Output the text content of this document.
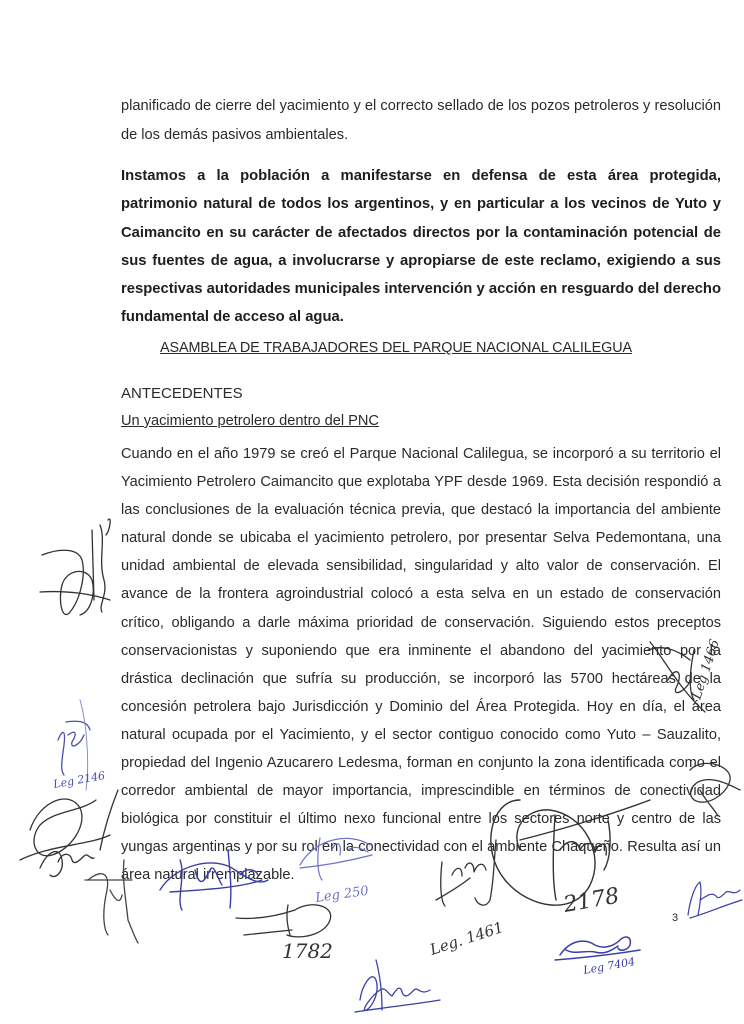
planificado de cierre del yacimiento y el correcto sellado de los pozos petroleros y resolución de los demás pasivos ambientales.

Instamos a la población a manifestarse en defensa de esta área protegida, patrimonio natural de todos los argentinos, y en particular a los vecinos de Yuto y Caimancito en su carácter de afectados directos por la contaminación potencial de sus fuentes de agua, a involucrarse y apropiarse de este reclamo, exigiendo a sus respectivas autoridades municipales intervención y acción en resguardo del derecho fundamental de acceso al agua.

ASAMBLEA DE TRABAJADORES DEL PARQUE NACIONAL CALILEGUA

ANTECEDENTES

Un yacimiento petrolero dentro del PNC

Cuando en el año 1979 se creó el Parque Nacional Calilegua, se incorporó a su territorio el Yacimiento Petrolero Caimancito que explotaba YPF desde 1969. Esta decisión respondió a las conclusiones de la evaluación técnica previa, que destacó la importancia del ambiente natural donde se ubicaba el yacimiento petrolero, por presentar Selva Pedemontana, una unidad ambiental de elevada sensibilidad, singularidad y alto valor de conservación. El avance de la frontera agroindustrial colocó a esta selva en un estado de conservación crítico, obligando a darle máxima prioridad de conservación. Siguiendo estos preceptos conservacionistas y suponiendo que era inminente el abandono del yacimiento por la drástica declinación que sufría su producción, se incorporó las 5700 hectáreas de la concesión petrolera bajo Jurisdicción y Dominio del Área Protegida. Hoy en día, el área natural ocupada por el Yacimiento, y el sector contiguo conocido como Yuto – Sauzalito, propiedad del Ingenio Azucarero Ledesma, forman en conjunto la zona identificada como el corredor ambiental de mayor importancia, imprescindible en términos de conectividad biológica por constituir el último nexo funcional entre los sectores norte y centro de las yungas argentinas y por su rol en la conectividad con el ambiente Chaqueño. Resulta así un área natural irremplazable.

3
Leg 2146
Leg 250
1782	Leg. 1461
2178
Leg 7404
Leg 1466
